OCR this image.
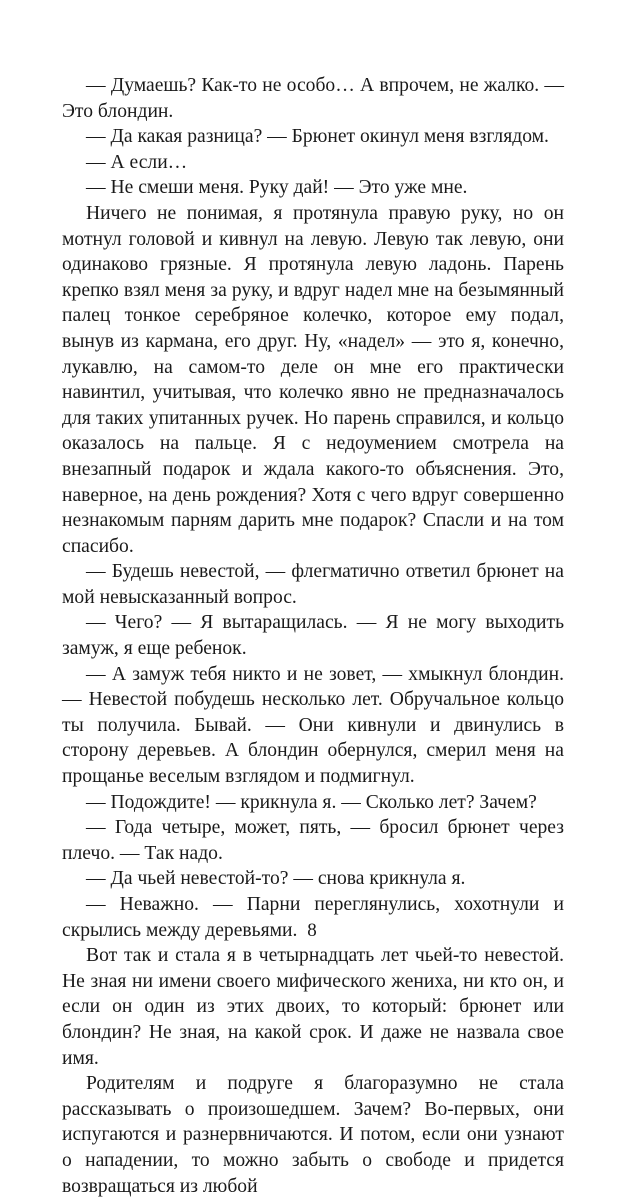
— Думаешь? Как-то не особо… А впрочем, не жалко. — Это блондин.

— Да какая разница? — Брюнет окинул меня взглядом.

— А если…

— Не смеши меня. Руку дай! — Это уже мне.

Ничего не понимая, я протянула правую руку, но он мотнул головой и кивнул на левую. Левую так левую, они одинаково грязные. Я протянула левую ладонь. Парень крепко взял меня за руку, и вдруг надел мне на безымянный палец тонкое серебряное колечко, которое ему подал, вынув из кармана, его друг. Ну, «надел» — это я, конечно, лукавлю, на самом-то деле он мне его практически навинтил, учитывая, что колечко явно не предназначалось для таких упитанных ручек. Но парень справился, и кольцо оказалось на пальце. Я с недоумением смотрела на внезапный подарок и ждала какого-то объяснения. Это, наверное, на день рождения? Хотя с чего вдруг совершенно незнакомым парням дарить мне подарок? Спасли и на том спасибо.

— Будешь невестой, — флегматично ответил брюнет на мой невысказанный вопрос.

— Чего? — Я вытаращилась. — Я не могу выходить замуж, я еще ребенок.

— А замуж тебя никто и не зовет, — хмыкнул блондин. — Невестой побудешь несколько лет. Обручальное кольцо ты получила. Бывай. — Они кивнули и двинулись в сторону деревьев. А блондин обернулся, смерил меня на прощанье веселым взглядом и подмигнул.

— Подождите! — крикнула я. — Сколько лет? Зачем?

— Года четыре, может, пять, — бросил брюнет через плечо. — Так надо.

— Да чьей невестой-то? — снова крикнула я.

— Неважно. — Парни переглянулись, хохотнули и скрылись между деревьями.

Вот так и стала я в четырнадцать лет чьей-то невестой. Не зная ни имени своего мифического жениха, ни кто он, и если он один из этих двоих, то который: брюнет или блондин? Не зная, на какой срок. И даже не назвала свое имя.

Родителям и подруге я благоразумно не стала рассказывать о произошедшем. Зачем? Во-первых, они испугаются и разнервничаются. И потом, если они узнают о нападении, то можно забыть о свободе и придется возвращаться из любой

8
